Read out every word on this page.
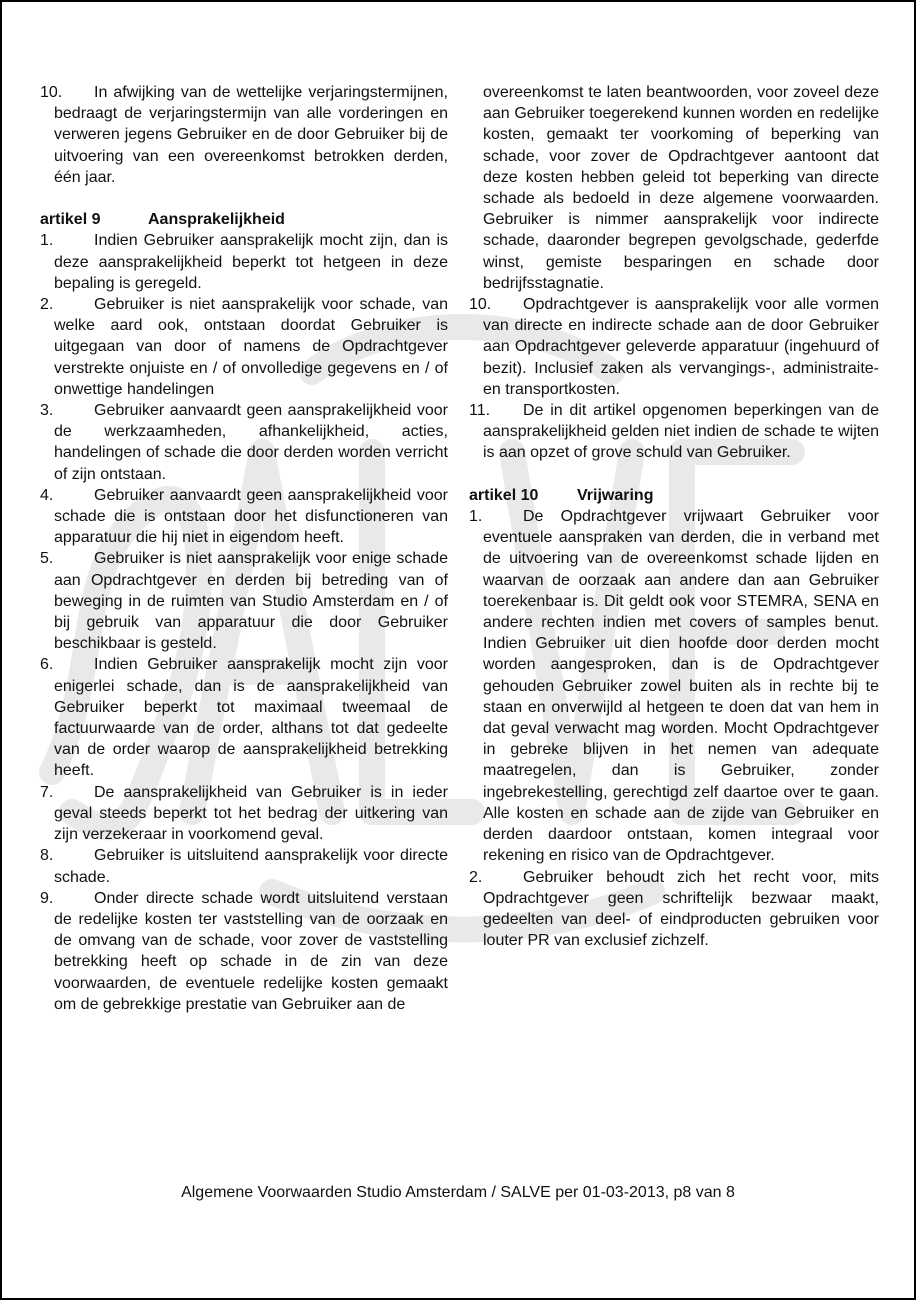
10. In afwijking van de wettelijke verjaringstermijnen, bedraagt de verjaringstermijn van alle vorderingen en verweren jegens Gebruiker en de door Gebruiker bij de uitvoering van een overeenkomst betrokken derden, één jaar.
artikel 9	Aansprakelijkheid
1.	Indien Gebruiker aansprakelijk mocht zijn, dan is deze aansprakelijkheid beperkt tot hetgeen in deze bepaling is geregeld.
2.	Gebruiker is niet aansprakelijk voor schade, van welke aard ook, ontstaan doordat Gebruiker is uitgegaan van door of namens de Opdrachtgever verstrekte onjuiste en / of onvolledige gegevens en / of onwettige handelingen
3.	Gebruiker aanvaardt geen aansprakelijkheid voor de werkzaamheden, afhankelijkheid, acties, handelingen of schade die door derden worden verricht of zijn ontstaan.
4.	Gebruiker aanvaardt geen aansprakelijkheid voor schade die is ontstaan door het disfunctioneren van apparatuur die hij niet in eigendom heeft.
5.	Gebruiker is niet aansprakelijk voor enige schade aan Opdrachtgever en derden bij betreding van of beweging in de ruimten van Studio Amsterdam en / of bij gebruik van apparatuur die door Gebruiker beschikbaar is gesteld.
6.	Indien Gebruiker aansprakelijk mocht zijn voor enigerlei schade, dan is de aansprakelijkheid van Gebruiker beperkt tot maximaal tweemaal de factuurwaarde van de order, althans tot dat gedeelte van de order waarop de aansprakelijkheid betrekking heeft.
7.	De aansprakelijkheid van Gebruiker is in ieder geval steeds beperkt tot het bedrag der uitkering van zijn verzekeraar in voorkomend geval.
8.	Gebruiker is uitsluitend aansprakelijk voor directe schade.
9.	Onder directe schade wordt uitsluitend verstaan de redelijke kosten ter vaststelling van de oorzaak en de omvang van de schade, voor zover de vaststelling betrekking heeft op schade in de zin van deze voorwaarden, de eventuele redelijke kosten gemaakt om de gebrekkige prestatie van Gebruiker aan de
overeenkomst te laten beantwoorden, voor zoveel deze aan Gebruiker toegerekend kunnen worden en redelijke kosten, gemaakt ter voorkoming of beperking van schade, voor zover de Opdrachtgever aantoont dat deze kosten hebben geleid tot beperking van directe schade als bedoeld in deze algemene voorwaarden. Gebruiker is nimmer aansprakelijk voor indirecte schade, daaronder begrepen gevolgschade, gederfde winst, gemiste besparingen en schade door bedrijfsstagnatie.
10. Opdrachtgever is aansprakelijk voor alle vormen van directe en indirecte schade aan de door Gebruiker aan Opdrachtgever geleverde apparatuur (ingehuurd of bezit). Inclusief zaken als vervangings-, administraite- en transportkosten.
11. De in dit artikel opgenomen beperkingen van de aansprakelijkheid gelden niet indien de schade te wijten is aan opzet of grove schuld van Gebruiker.
artikel 10 Vrijwaring
1.	De Opdrachtgever vrijwaart Gebruiker voor eventuele aanspraken van derden, die in verband met de uitvoering van de overeenkomst schade lijden en waarvan de oorzaak aan andere dan aan Gebruiker toerekenbaar is. Dit geldt ook voor STEMRA, SENA en andere rechten indien met covers of samples benut. Indien Gebruiker uit dien hoofde door derden mocht worden aangesproken, dan is de Opdrachtgever gehouden Gebruiker zowel buiten als in rechte bij te staan en onverwijld al hetgeen te doen dat van hem in dat geval verwacht mag worden. Mocht Opdrachtgever in gebreke blijven in het nemen van adequate maatregelen, dan is Gebruiker, zonder ingebrekestelling, gerechtigd zelf daartoe over te gaan. Alle kosten en schade aan de zijde van Gebruiker en derden daardoor ontstaan, komen integraal voor rekening en risico van de Opdrachtgever.
2.	Gebruiker behoudt zich het recht voor, mits Opdrachtgever geen schriftelijk bezwaar maakt, gedeelten van deel- of eindproducten gebruiken voor louter PR van exclusief zichzelf.
Algemene Voorwaarden Studio Amsterdam / SALVE per 01-03-2013, p8 van 8
